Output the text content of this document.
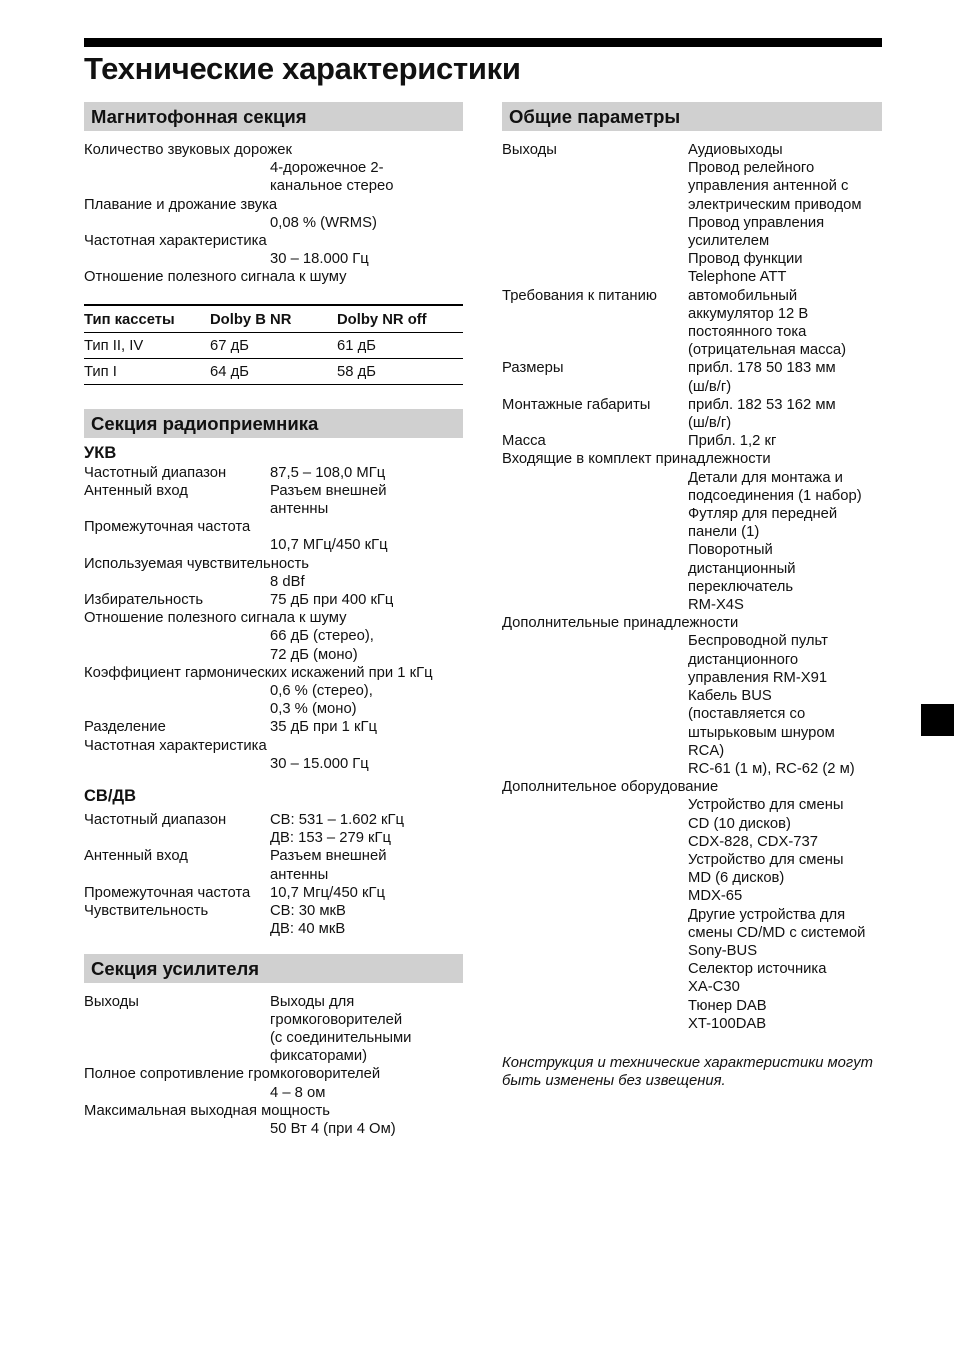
Технические характеристики
Магнитофонная секция
Количество звуковых дорожек
4-дорожечное 2-
канальное стерео
Плавание и дрожание звука
0,08 % (WRMS)
Частотная характеристика
30 – 18.000 Гц
Отношение полезного сигнала к шуму
Тип кассеты	Dolby B NR	Dolby NR off
Тип II, IV	67 дБ	61 дБ
Тип I	64 дБ	58 дБ
Секция радиоприемника
УКВ
Частотный диапазон	87,5 – 108,0 МГц
Антенный вход	Разъем внешней
антенны
Промежуточная частота
10,7 МГц/450 кГц
Используемая чувствительность
8 dBf
Избирательность	75 дБ при 400 кГц
Отношение полезного сигнала к шуму
66 дБ (стерео),
72 дБ (моно)
Коэффициент гармонических искажений при 1 кГц
0,6 % (стерео),
0,3 % (моно)
Разделение	35 дБ при 1 кГц
Частотная характеристика
30 – 15.000 Гц
СВ/ДВ
Частотный диапазон	СВ: 531 – 1.602 кГц
ДВ: 153 – 279 кГц
Антенный вход	Разъем внешней
антенны
Промежуточная частота	10,7 Мгц/450 кГц
Чувствительность	СВ: 30 мкВ
ДВ: 40 мкВ
Секция усилителя
Выходы	Выходы для
громкоговорителей
(с соединительными
фиксаторами)
Полное сопротивление громкоговорителей
4 – 8 ом
Максимальная выходная мощность
50 Вт 4 (при 4 Ом)
Общие параметры
Выходы	Аудиовыходы
Провод релейного
управления антенной с
электрическим приводом
Провод управления
усилителем
Провод функции
Telephone ATT
Требования к питанию	автомобильный
аккумулятор 12 В
постоянного тока
(отрицательная масса)
Размеры	прибл. 178 50 183 мм
(ш/в/г)
Монтажные габариты	прибл. 182 53 162 мм
(ш/в/г)
Масса	Прибл. 1,2 кг
Входящие в комплект принадлежности
Детали для монтажа и
подсоединения (1 набор)
Футляр для передней
панели (1)
Поворотный
дистанционный
переключатель
RM-X4S
Дополнительные принадлежности
Беспроводной пульт
дистанционного
управления RM-X91
Кабель BUS
(поставляется со
штырьковым шнуром
RCA)
RC-61 (1 м), RC-62 (2 м)
Дополнительное оборудование
Устройство для смены
CD (10 дисков)
CDX-828, CDX-737
Устройство для смены
MD (6 дисков)
MDX-65
Другие устройства для
смены CD/MD с системой
Sony-BUS
Селектор источника
XA-C30
Тюнер DAB
XT-100DAB

Конструкция и технические характеристики могут быть изменены без извещения.
